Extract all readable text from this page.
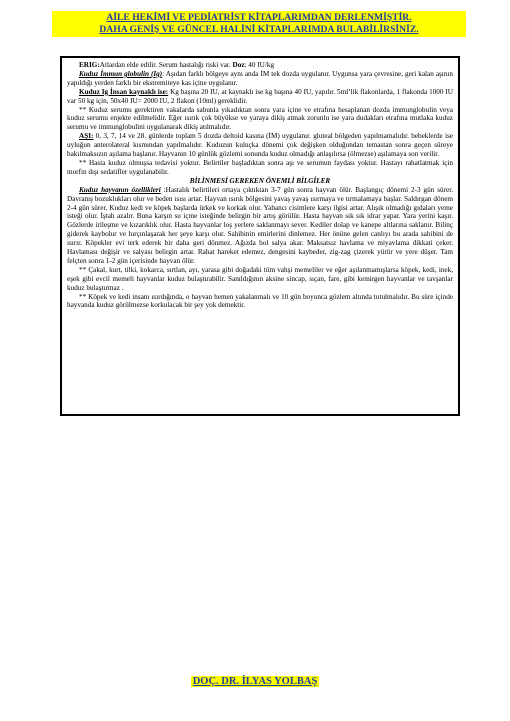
AİLE HEKİMİ VE PEDİATRİST KİTAPLARIMDAN DERLENMİŞTİR.
DAHA GENİŞ VE GÜNCEL HALİNİ KİTAPLARIMDA BULABİLİRSİNİZ.

ERIG:Atlardan elde edilir. Serum hastalığı riski var. Doz: 40 IU/kg

Kuduz İmmun globulin (Ig): Aşıdan farklı bölgeye aynı anda İM tek dozda uygulanır. Uygunsa yara çevresine, geri kalan aşının yapıldığı yerden farklı bir ekstremiteye kas içine uygulanır.

Kuduz Ig İnsan kaynaklı ise: Kg başına 20 IU, at kaynaklı ise kg başına 40 IU, yapılır. 5ml’lik flakonlarda, 1 flakonda 1000 IU var 50 kg için, 50x40 IU= 2000 IU, 2 flakon (10ml) gereklidir.

** Kuduz serumu gerektiren vakalarda sabunla yıkadıktan sonra yara içine ve etrafına hesaplanan dozda immunglobulin veya kuduz serumu enjekte edilmelidir. Eğer ısırık çok büyükse ve yaraya dikiş atmak zorunlu ise yara dudakları etrafına mutlaka kuduz serumu ve immunglobulini uygulanarak dikiş atılmalıdır.

AŞI: 0, 3, 7, 14 ve 28. günlerde toplam 5 dozda deltoid kasına (İM) uygulanır. gluteal bölgeden yapılmamalıdır. bebeklerde ise uyluğun anterolateral kısmından yapılmalıdır. Kuduzun kuluçka dönemi çok değişken olduğundan temastan sonra geçen süreye bakılmaksızın aşılama başlanır. Hayvanın 10 günlük gözlemi sonunda kuduz olmadığı anlaşılırsa (ölmezse) aşılamaya son verilir.

** Hasta kuduz olmuşsa tedavisi yoktur. Belirtiler başladıktan sonra aşı ve serumun faydası yoktur. Hastayı rahatlatmak için morfin dışı sedatifler uygulanabilir.

BİLİNMESİ GEREKEN ÖNEMLİ BİLGİLER

Kuduz hayvanın özellikleri :Hastalık belirtileri ortaya çıktıktan 3-7 gün sonra hayvan ölür. Başlangıç dönemi 2-3 gün sürer. Davranış bozuklukları olur ve beden ısısı artar. Hayvan ısırık bölgesini yavaş yavaş ısırmaya ve tırmalamaya başlar. Saldırgan dönem 2-4 gün sürer. Kuduz kedi ve köpek başlarda ürkek ve korkak olur. Yabancı cisimlere karşı ilgisi artar. Alışık olmadığı gıdaları yeme isteği olur. İştah azalır. Buna karşın su içme isteğinde belirgin bir artış görülür. Hasta hayvan sık sık idrar yapar. Yara yerini kaşır. Gözlerde irileşme ve kızarıklık olur. Hasta hayvanlar loş yerlere saklanmayı sever. Kediler dolap ve kanepe altlarına saklanır. Bilinç giderek kaybolur ve hırçınlaşarak her şeye karşı olur. Sahibinin emirlerini dinlemez. Her önüne gelen canlıyı bu arada sahibini de ısırır. Köpekler evi terk ederek bir daha geri dönmez. Ağızda bol salya akar. Maksatsız havlama ve miyavlama dikkati çeker. Havlaması değişir ve salyası belirgin artar. Rahat hareket edemez, dengesini kaybeder, zig-zag çizerek yürür ve yere düşer. Tam felçten sonra 1-2 gün içerisinde hayvan ölür.

** Çakal, kurt, tilki, kokarca, sırtlan, ayı, yarasa gibi doğadaki tüm vahşi memeliler ve eğer aşılanmamışlarsa köpek, kedi, inek, eşek gibi evcil memeli hayvanlar kuduz bulaştırabilir. Sanıldığının aksine sincap, sıçan, fare, gibi kemirgen hayvanlar ve tavşanlar kuduz bulaştırmaz .

** Köpek ve kedi insanı ısırdığında, o hayvan hemen yakalanmalı ve 10 gün boyunca gözlem altında tutulmalıdır. Bu süre içinde hayvanda kuduz görülmezse korkulacak bir şey yok demektir.

DOÇ. DR. İLYAS YOLBAŞ
